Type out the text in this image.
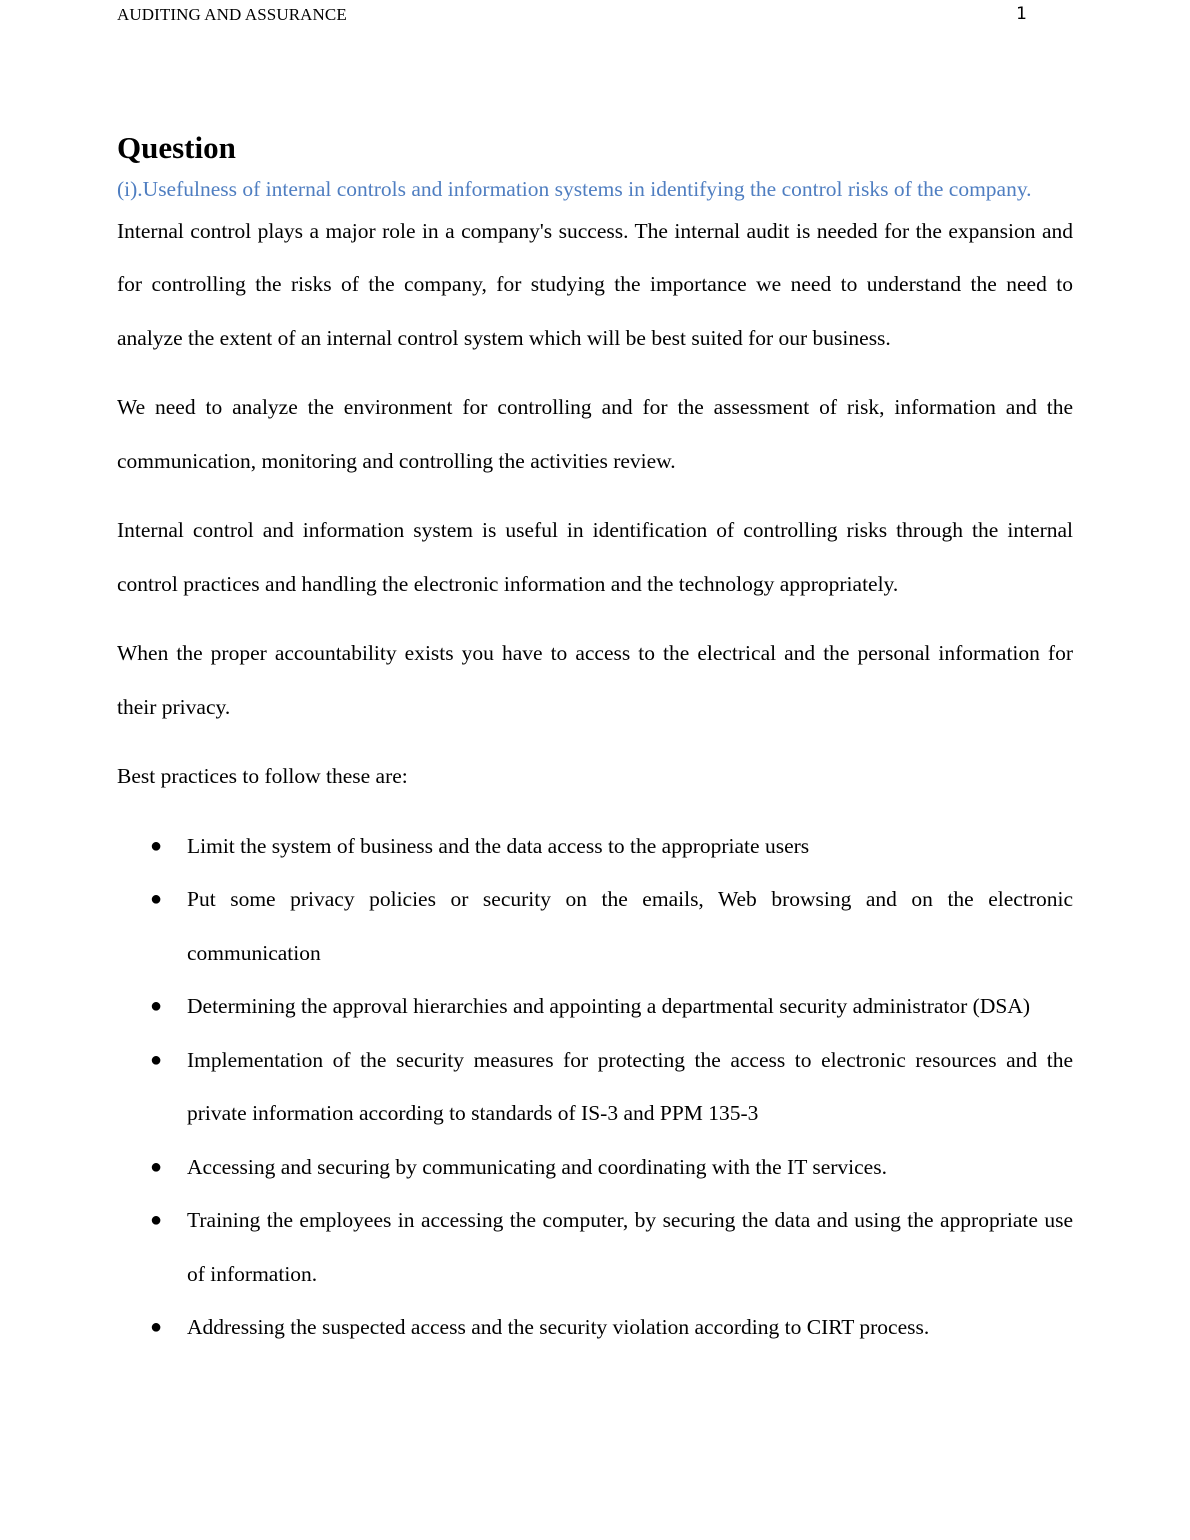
AUDITING AND ASSURANCE	1
Question
(i).Usefulness of internal controls and information systems in identifying the control risks of the company.

Internal control plays a major role in a company's success. The internal audit is needed for the expansion and for controlling the risks of the company, for studying the importance we need to understand the need to analyze the extent of an internal control system which will be best suited for our business.

We need to analyze the environment for controlling and for the assessment of risk, information and the communication, monitoring and controlling the activities review.

Internal control and information system is useful in identification of controlling risks through the internal control practices and handling the electronic information and the technology appropriately.

When the proper accountability exists you have to access to the electrical and the personal information for their privacy.

Best practices to follow these are:

● Limit the system of business and the data access to the appropriate users
● Put some privacy policies or security on the emails, Web browsing and on the electronic communication
● Determining the approval hierarchies and appointing a departmental security administrator (DSA)
● Implementation of the security measures for protecting the access to electronic resources and the private information according to standards of IS-3 and PPM 135-3
● Accessing and securing by communicating and coordinating with the IT services.
● Training the employees in accessing the computer, by securing the data and using the appropriate use of information.
● Addressing the suspected access and the security violation according to CIRT process.
